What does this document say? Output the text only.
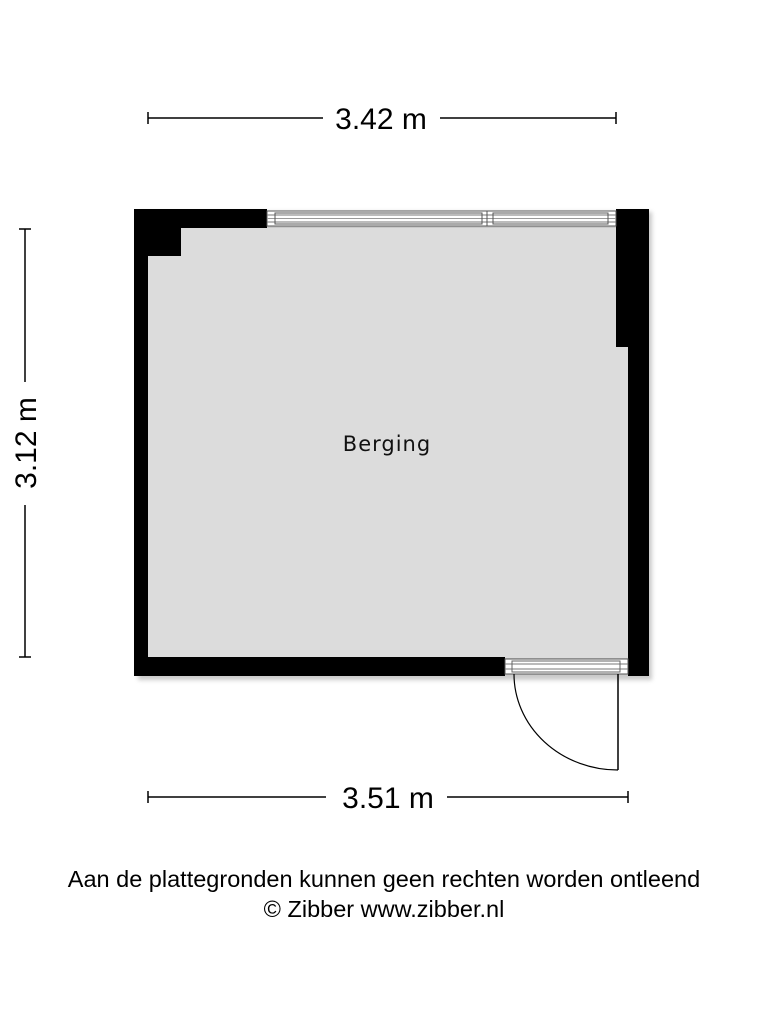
3.42 m
3.12 m
3.51 m
Berging
Aan de plattegronden kunnen geen rechten worden ontleend
© Zibber www.zibber.nl
